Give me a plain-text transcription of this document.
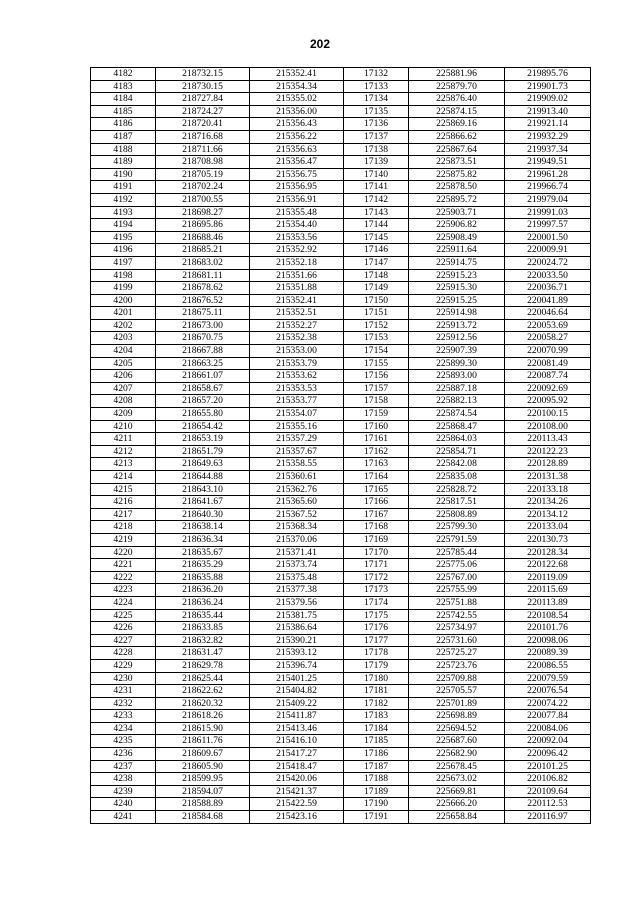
202
4182	218732.15	215352.41	17132	225881.96	219895.76
4183	218730.15	215354.34	17133	225879.70	219901.73
4184	218727.84	215355.02	17134	225876.40	219909.02
4185	218724.27	215356.00	17135	225874.15	219913.40
4186	218720.41	215356.43	17136	225869.16	219921.14
4187	218716.68	215356.22	17137	225866.62	219932.29
4188	218711.66	215356.63	17138	225867.64	219937.34
4189	218708.98	215356.47	17139	225873.51	219949.51
4190	218705.19	215356.75	17140	225875.82	219961.28
4191	218702.24	215356.95	17141	225878.50	219966.74
4192	218700.55	215356.91	17142	225895.72	219979.04
4193	218698.27	215355.48	17143	225903.71	219991.03
4194	218695.86	215354.40	17144	225906.82	219997.57
4195	218688.46	215353.56	17145	225908.49	220001.50
4196	218685.21	215352.92	17146	225911.64	220009.91
4197	218683.02	215352.18	17147	225914.75	220024.72
4198	218681.11	215351.66	17148	225915.23	220033.50
4199	218678.62	215351.88	17149	225915.30	220036.71
4200	218676.52	215352.41	17150	225915.25	220041.89
4201	218675.11	215352.51	17151	225914.98	220046.64
4202	218673.00	215352.27	17152	225913.72	220053.69
4203	218670.75	215352.38	17153	225912.56	220058.27
4204	218667.88	215353.00	17154	225907.39	220070.99
4205	218663.25	215353.79	17155	225899.30	220081.49
4206	218661.07	215353.62	17156	225893.00	220087.74
4207	218658.67	215353.53	17157	225887.18	220092.69
4208	218657.20	215353.77	17158	225882.13	220095.92
4209	218655.80	215354.07	17159	225874.54	220100.15
4210	218654.42	215355.16	17160	225868.47	220108.00
4211	218653.19	215357.29	17161	225864.03	220113.43
4212	218651.79	215357.67	17162	225854.71	220122.23
4213	218649.63	215358.55	17163	225842.08	220128.89
4214	218644.88	215360.61	17164	225835.08	220131.38
4215	218643.10	215362.76	17165	225828.72	220133.18
4216	218641.67	215365.60	17166	225817.51	220134.26
4217	218640.30	215367.52	17167	225808.89	220134.12
4218	218638.14	215368.34	17168	225799.30	220133.04
4219	218636.34	215370.06	17169	225791.59	220130.73
4220	218635.67	215371.41	17170	225785.44	220128.34
4221	218635.29	215373.74	17171	225775.06	220122.68
4222	218635.88	215375.48	17172	225767.00	220119.09
4223	218636.20	215377.38	17173	225755.99	220115.69
4224	218636.24	215379.56	17174	225751.88	220113.89
4225	218635.44	215381.75	17175	225742.55	220108.54
4226	218633.85	215386.64	17176	225734.97	220101.76
4227	218632.82	215390.21	17177	225731.60	220098.06
4228	218631.47	215393.12	17178	225725.27	220089.39
4229	218629.78	215396.74	17179	225723.76	220086.55
4230	218625.44	215401.25	17180	225709.88	220079.59
4231	218622.62	215404.82	17181	225705.57	220076.54
4232	218620.32	215409.22	17182	225701.89	220074.22
4233	218618.26	215411.87	17183	225698.89	220077.84
4234	218615.90	215413.46	17184	225694.52	220084.06
4235	218611.76	215416.10	17185	225687.60	220092.04
4236	218609.67	215417.27	17186	225682.90	220096.42
4237	218605.90	215418.47	17187	225678.45	220101.25
4238	218599.95	215420.06	17188	225673.02	220106.82
4239	218594.07	215421.37	17189	225669.81	220109.64
4240	218588.89	215422.59	17190	225666.20	220112.53
4241	218584.68	215423.16	17191	225658.84	220116.97
